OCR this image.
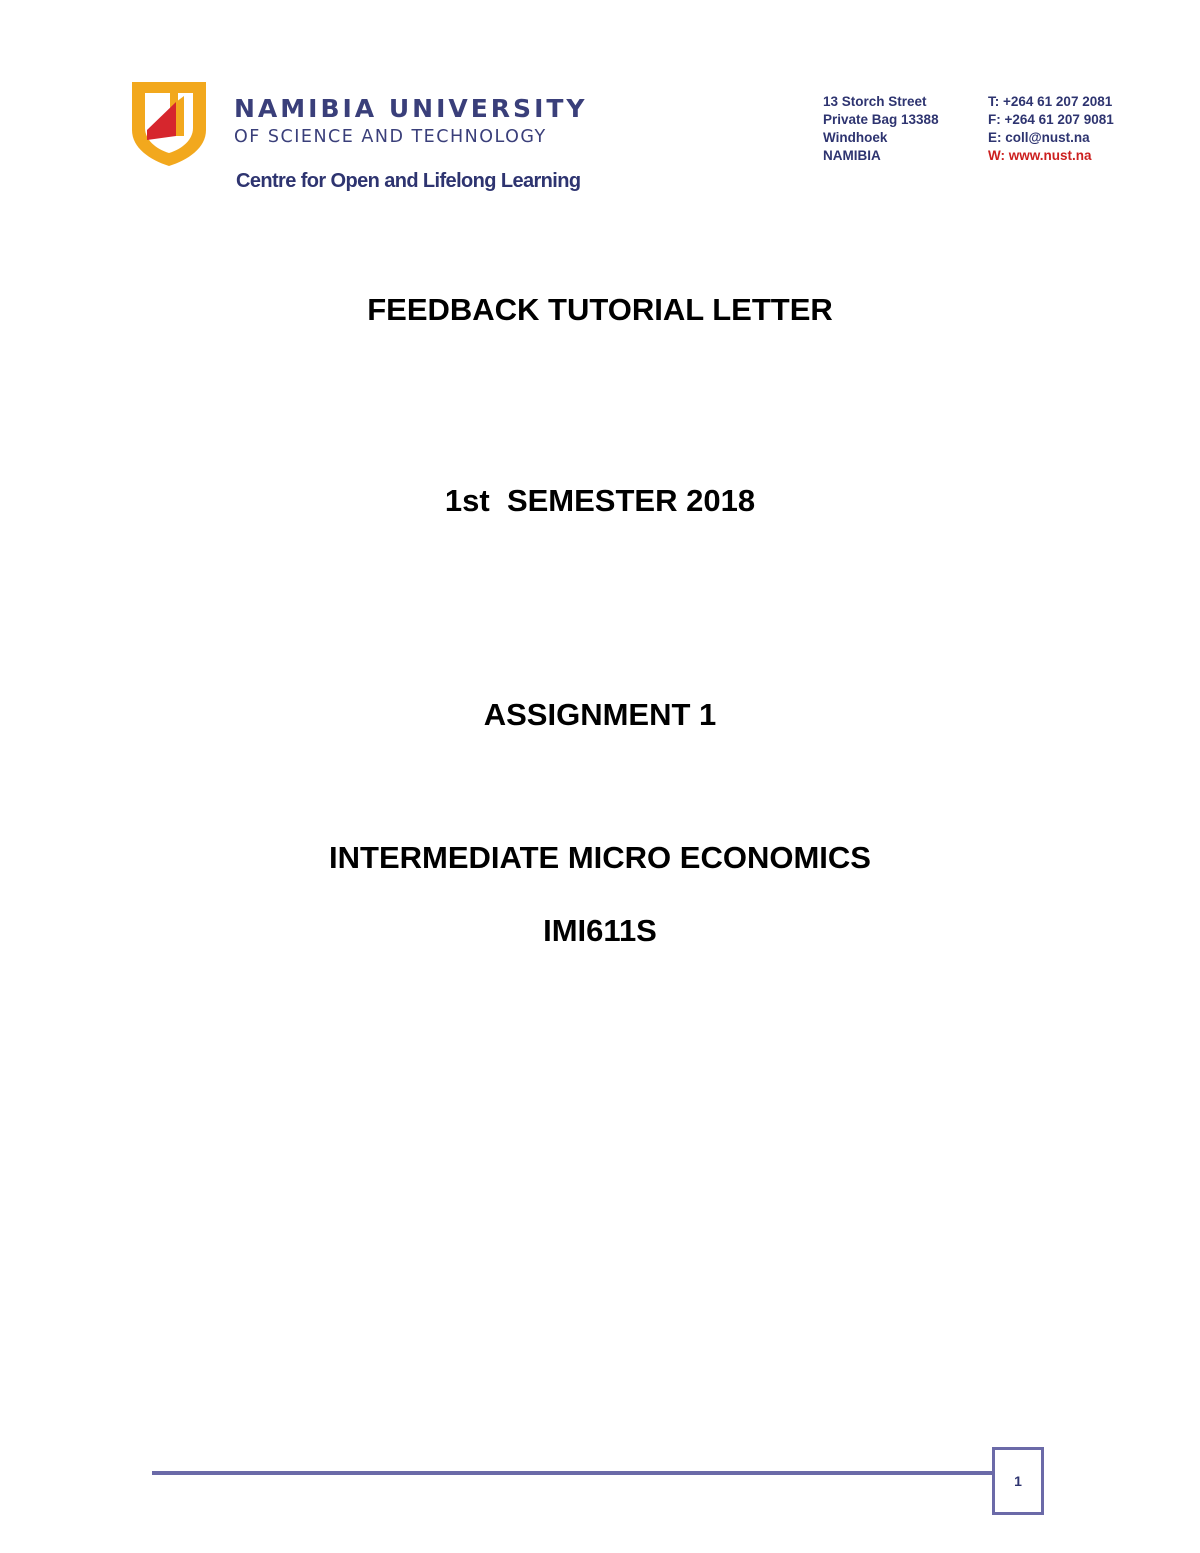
NAMIBIA UNIVERSITY
OF SCIENCE AND TECHNOLOGY
Centre for Open and Lifelong Learning
13 Storch Street
Private Bag 13388
Windhoek
NAMIBIA
T: +264 61 207 2081
F: +264 61 207 9081
E: coll@nust.na
W: www.nust.na
FEEDBACK TUTORIAL LETTER
1st  SEMESTER 2018
ASSIGNMENT 1
INTERMEDIATE MICRO ECONOMICS
IMI611S
1
